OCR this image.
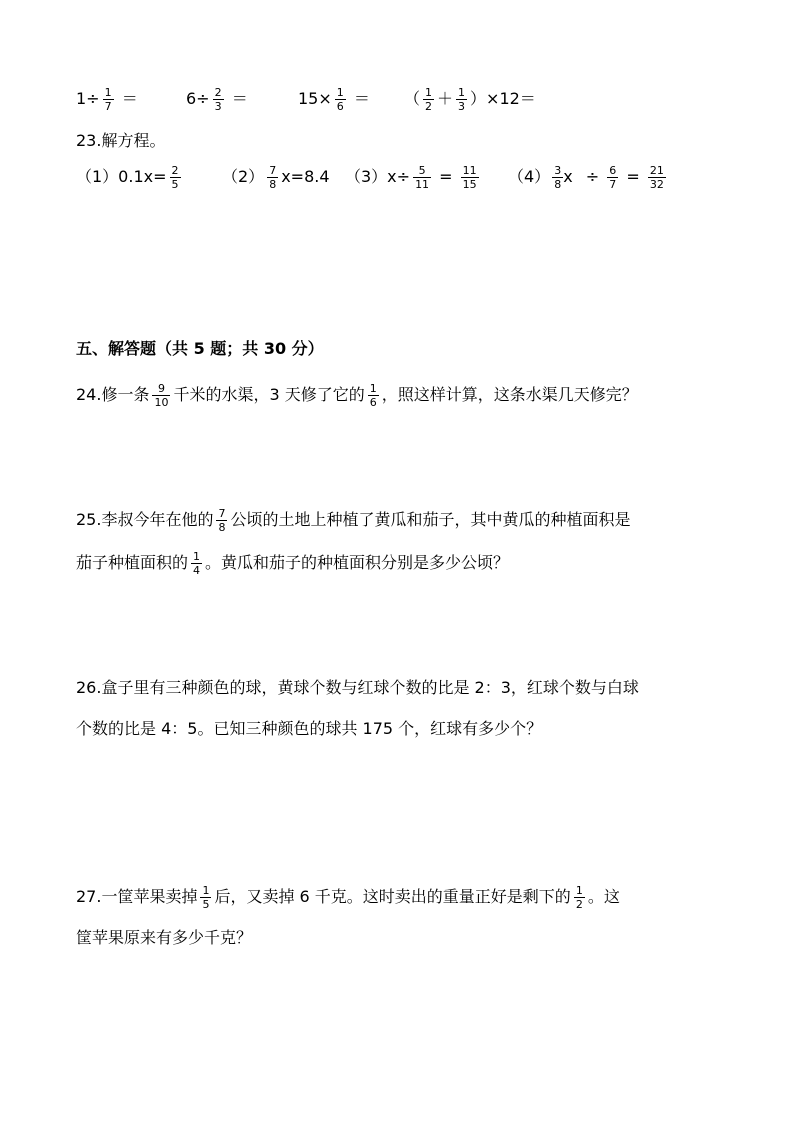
$1\div \frac{1}{7}$ ＝	$6\div \frac{2}{3}$ ＝	$15\times \frac{1}{6}$ ＝ （ $\frac{1}{2} + \frac{1}{3} )\times 12=$
23.解方程。
$(1)0.1x= \frac{2}{5}$	$(2) \frac{7}{8} x=8.4$ $(3)x\div \frac{5}{11} = \frac{11}{15} (4) \frac{3}{8}$ $x \div \frac{6}{7} = \frac{21}{32}$
五、解答题（共 5 题；共 30 分）
24.修一条 $\frac{9}{10}$ 千米的水渠，3 天修了它的 $\frac{1}{6}$ ，照这样计算，这条水渠几天修完？
25.李叔今年在他的 $\frac{7}{8}$ 公顷的土地上种植了黄瓜和茄子，其中黄瓜的种植面积是
茄子种植面积的 $\frac{1}{4}$ 。黄瓜和茄子的种植面积分别是多少公顷？
26.盒子里有三种颜色的球，黄球个数与红球个数的比是 2：3，红球个数与白球
个数的比是 4：5。已知三种颜色的球共 175 个，红球有多少个？
27.一筐苹果卖掉 $\frac{1}{5}$ 后，又卖掉 6 千克。这时卖出的重量正好是剩下的 $\frac{1}{2}$ 。这
筐苹果原来有多少千克？
